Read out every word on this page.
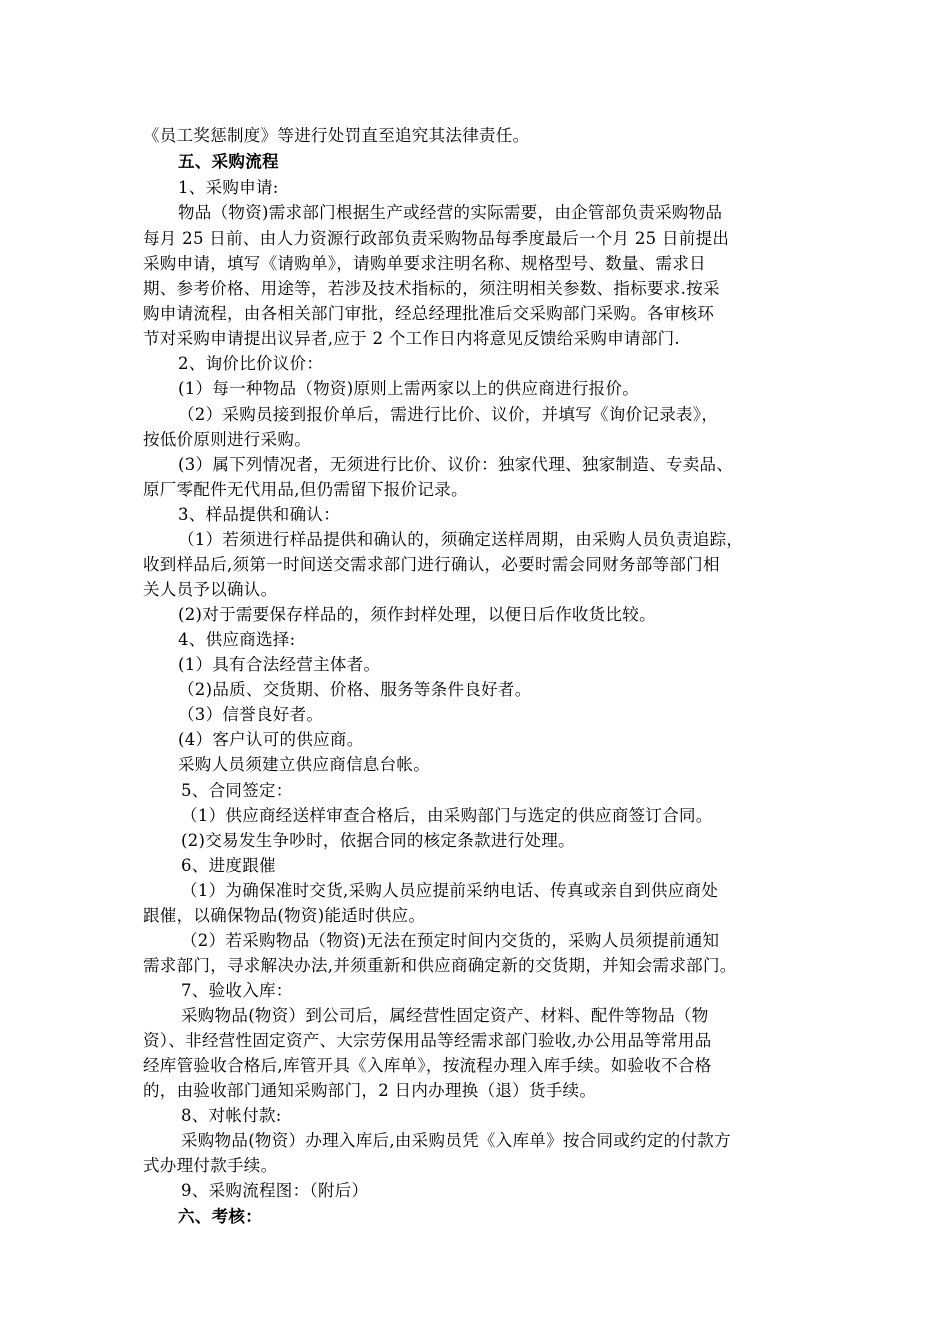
《员工奖惩制度》等进行处罚直至追究其法律责任。
五、采购流程
1、采购申请:
物品（物资)需求部门根据生产或经营的实际需要，由企管部负责采购物品
每月 25 日前、由人力资源行政部负责采购物品每季度最后一个月 25 日前提出
采购申请，填写《请购单》，请购单要求注明名称、规格型号、数量、需求日
期、参考价格、用途等，若涉及技术指标的，须注明相关参数、指标要求.按采
购申请流程，由各相关部门审批，经总经理批准后交采购部门采购。各审核环
节对采购申请提出议异者,应于 2 个工作日内将意见反馈给采购申请部门.
2、询价比价议价：
(1）每一种物品（物资)原则上需两家以上的供应商进行报价。
（2）采购员接到报价单后，需进行比价、议价，并填写《询价记录表》，
按低价原则进行采购。
(3）属下列情况者，无须进行比价、议价：独家代理、独家制造、专卖品、
原厂零配件无代用品,但仍需留下报价记录。
3、样品提供和确认：
（1）若须进行样品提供和确认的，须确定送样周期，由采购人员负责追踪，
收到样品后,须第一时间送交需求部门进行确认，必要时需会同财务部等部门相
关人员予以确认。
(2)对于需要保存样品的，须作封样处理，以便日后作收货比较。
4、供应商选择:
(1）具有合法经营主体者。
（2)品质、交货期、价格、服务等条件良好者。
（3）信誉良好者。
(4）客户认可的供应商。
采购人员须建立供应商信息台帐。
5、合同签定：
（1）供应商经送样审查合格后，由采购部门与选定的供应商签订合同。
(2)交易发生争吵时，依据合同的核定条款进行处理。
6、进度跟催
（1）为确保准时交货,采购人员应提前采纳电话、传真或亲自到供应商处
跟催，以确保物品(物资)能适时供应。
（2）若采购物品（物资)无法在预定时间内交货的，采购人员须提前通知
需求部门，寻求解决办法,并须重新和供应商确定新的交货期，并知会需求部门。
7、验收入库：
采购物品(物资）到公司后，属经营性固定资产、材料、配件等物品（物
资）、非经营性固定资产、大宗劳保用品等经需求部门验收,办公用品等常用品
经库管验收合格后,库管开具《入库单》，按流程办理入库手续。如验收不合格
的，由验收部门通知采购部门，2 日内办理换（退）货手续。
8、对帐付款:
采购物品(物资）办理入库后,由采购员凭《入库单》按合同或约定的付款方
式办理付款手续。
9、采购流程图：（附后）
六、考核：
